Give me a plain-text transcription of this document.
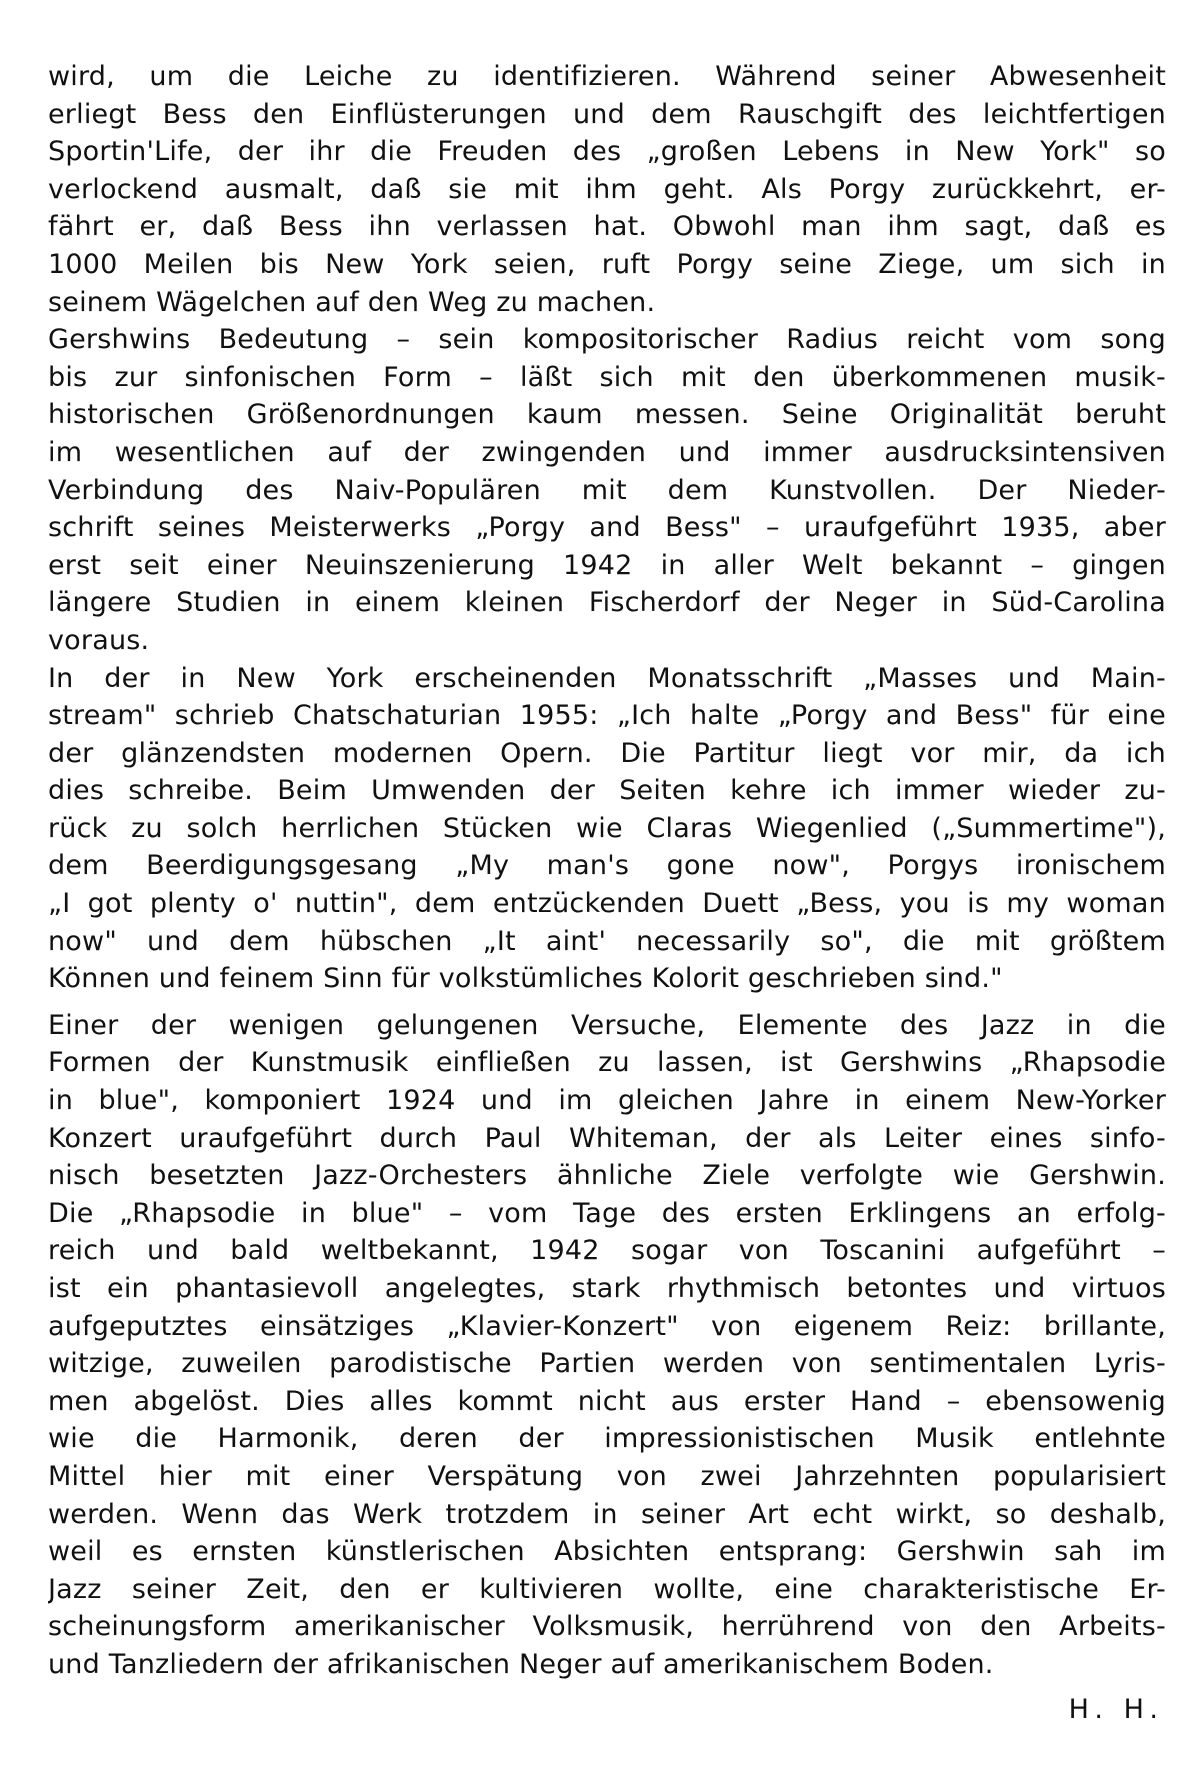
wird, um die Leiche zu identifizieren. Während seiner Abwesenheit
erliegt Bess den Einflüsterungen und dem Rauschgift des leichtfertigen
Sportin'Life, der ihr die Freuden des „großen Lebens in New York" so
verlockend ausmalt, daß sie mit ihm geht. Als Porgy zurückkehrt, er-
fährt er, daß Bess ihn verlassen hat. Obwohl man ihm sagt, daß es
1000 Meilen bis New York seien, ruft Porgy seine Ziege, um sich in
seinem Wägelchen auf den Weg zu machen.
Gershwins Bedeutung – sein kompositorischer Radius reicht vom song
bis zur sinfonischen Form – läßt sich mit den überkommenen musik-
historischen Größenordnungen kaum messen. Seine Originalität beruht
im wesentlichen auf der zwingenden und immer ausdrucksintensiven
Verbindung des Naiv-Populären mit dem Kunstvollen. Der Nieder-
schrift seines Meisterwerks „Porgy and Bess" – uraufgeführt 1935, aber
erst seit einer Neuinszenierung 1942 in aller Welt bekannt – gingen
längere Studien in einem kleinen Fischerdorf der Neger in Süd-Carolina
voraus.
In der in New York erscheinenden Monatsschrift „Masses und Main-
stream" schrieb Chatschaturian 1955: „Ich halte „Porgy and Bess" für eine
der glänzendsten modernen Opern. Die Partitur liegt vor mir, da ich
dies schreibe. Beim Umwenden der Seiten kehre ich immer wieder zu-
rück zu solch herrlichen Stücken wie Claras Wiegenlied („Summertime"),
dem Beerdigungsgesang „My man's gone now", Porgys ironischem
„I got plenty o' nuttin", dem entzückenden Duett „Bess, you is my woman
now" und dem hübschen „It aint' necessarily so", die mit größtem
Können und feinem Sinn für volkstümliches Kolorit geschrieben sind."
Einer der wenigen gelungenen Versuche, Elemente des Jazz in die
Formen der Kunstmusik einfließen zu lassen, ist Gershwins „Rhapsodie
in blue", komponiert 1924 und im gleichen Jahre in einem New-Yorker
Konzert uraufgeführt durch Paul Whiteman, der als Leiter eines sinfo-
nisch besetzten Jazz-Orchesters ähnliche Ziele verfolgte wie Gershwin.
Die „Rhapsodie in blue" – vom Tage des ersten Erklingens an erfolg-
reich und bald weltbekannt, 1942 sogar von Toscanini aufgeführt –
ist ein phantasievoll angelegtes, stark rhythmisch betontes und virtuos
aufgeputztes einsätziges „Klavier-Konzert" von eigenem Reiz: brillante,
witzige, zuweilen parodistische Partien werden von sentimentalen Lyris-
men abgelöst. Dies alles kommt nicht aus erster Hand – ebensowenig
wie die Harmonik, deren der impressionistischen Musik entlehnte
Mittel hier mit einer Verspätung von zwei Jahrzehnten popularisiert
werden. Wenn das Werk trotzdem in seiner Art echt wirkt, so deshalb,
weil es ernsten künstlerischen Absichten entsprang: Gershwin sah im
Jazz seiner Zeit, den er kultivieren wollte, eine charakteristische Er-
scheinungsform amerikanischer Volksmusik, herrührend von den Arbeits-
und Tanzliedern der afrikanischen Neger auf amerikanischem Boden.
H. H.
